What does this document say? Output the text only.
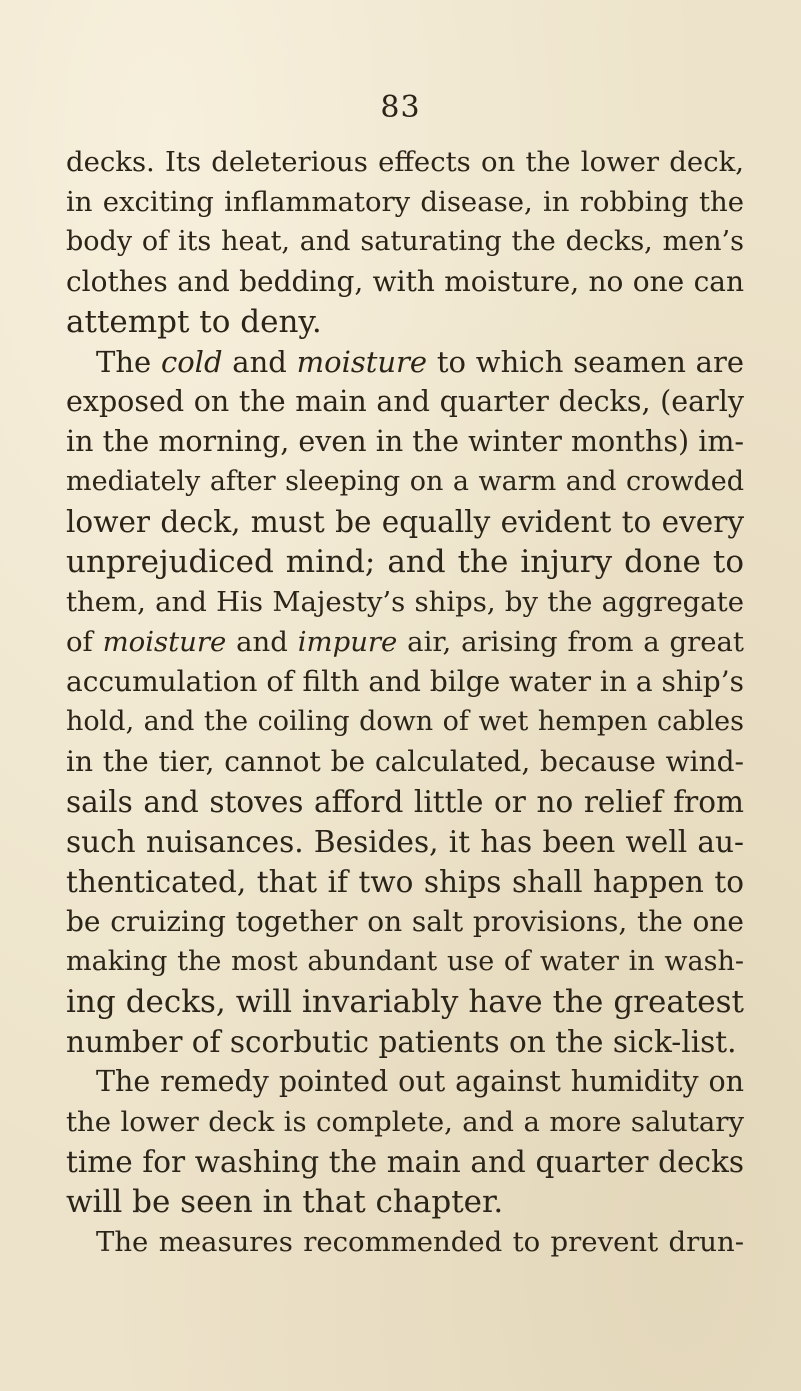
83
decks. Its deleterious effects on the lower deck,
in exciting inflammatory disease, in robbing the
body of its heat, and saturating the decks, men’s
clothes and bedding, with moisture, no one can
attempt to deny.
The cold and moisture to which seamen are
exposed on the main and quarter decks, (early
in the morning, even in the winter months) im-
mediately after sleeping on a warm and crowded
lower deck, must be equally evident to every
unprejudiced mind; and the injury done to
them, and His Majesty’s ships, by the aggregate
of moisture and impure air, arising from a great
accumulation of filth and bilge water in a ship’s
hold, and the coiling down of wet hempen cables
in the tier, cannot be calculated, because wind-
sails and stoves afford little or no relief from
such nuisances. Besides, it has been well au-
thenticated, that if two ships shall happen to
be cruizing together on salt provisions, the one
making the most abundant use of water in wash-
ing decks, will invariably have the greatest
number of scorbutic patients on the sick-list.
The remedy pointed out against humidity on
the lower deck is complete, and a more salutary
time for washing the main and quarter decks
will be seen in that chapter.
The measures recommended to prevent drun-
